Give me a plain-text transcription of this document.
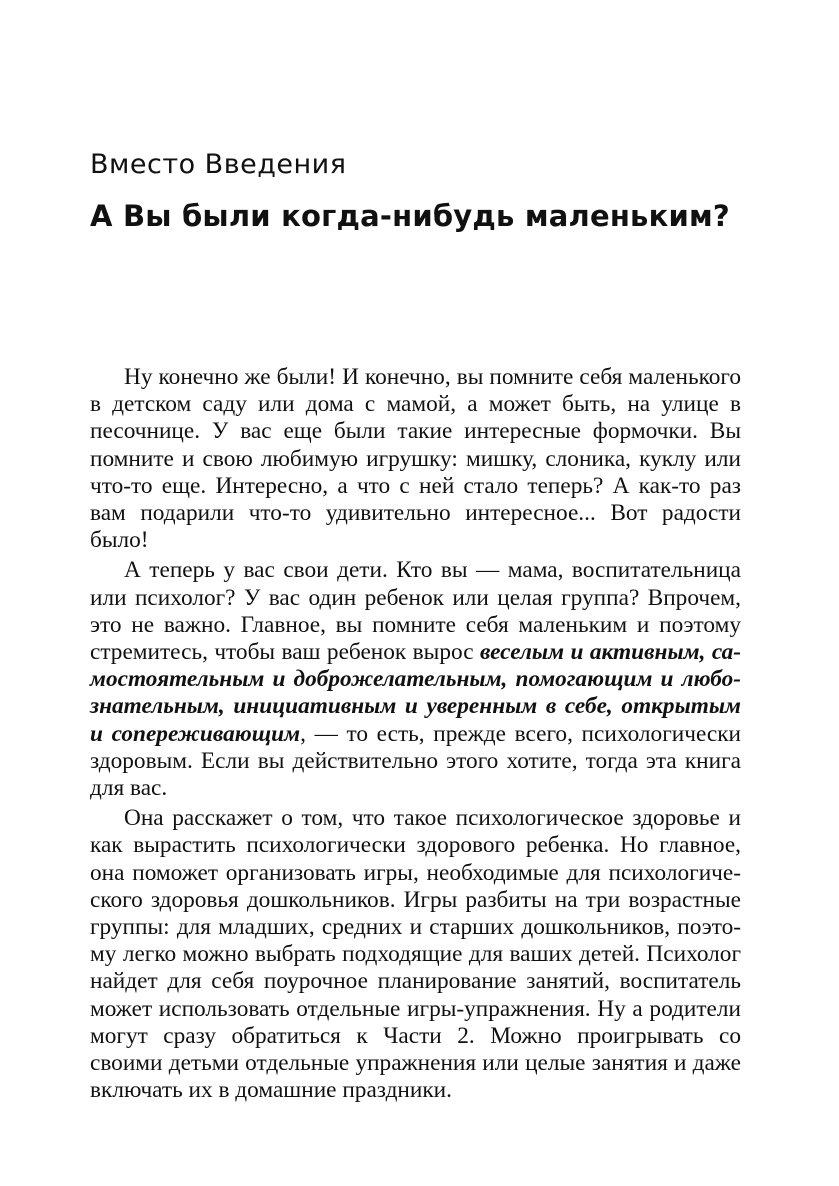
Вместо Введения
А Вы были когда-нибудь маленьким?

Ну конечно же были! И конечно, вы помните себя маленького в детском саду или дома с мамой, а может быть, на улице в песочнице. У вас еще были такие интересные формочки. Вы помните и свою любимую игрушку: мишку, слоника, куклу или что-то еще. Интересно, а что с ней стало теперь? А как-то раз вам подарили что-то удивительно интересное... Вот радости было!

А теперь у вас свои дети. Кто вы — мама, воспитательница или психолог? У вас один ребенок или целая группа? Впрочем, это не важно. Главное, вы помните себя маленьким и поэтому стремитесь, чтобы ваш ребенок вырос веселым и активным, самостоятельным и доброжелательным, помогающим и любознательным, инициативным и уверенным в себе, открытым и сопереживающим, — то есть, прежде всего, психологически здоровым. Если вы действительно этого хотите, тогда эта книга для вас.

Она расскажет о том, что такое психологическое здоровье и как вырастить психологически здорового ребенка. Но главное, она поможет организовать игры, необходимые для психологического здоровья дошкольников. Игры разбиты на три возрастные группы: для младших, средних и старших дошкольников, поэтому легко можно выбрать подходящие для ваших детей. Психолог найдет для себя поурочное планирование занятий, воспитатель может использовать отдельные игры-упражнения. Ну а родители могут сразу обратиться к Части 2. Можно проигрывать со своими детьми отдельные упражнения или целые занятия и даже включать их в домашние праздники.
